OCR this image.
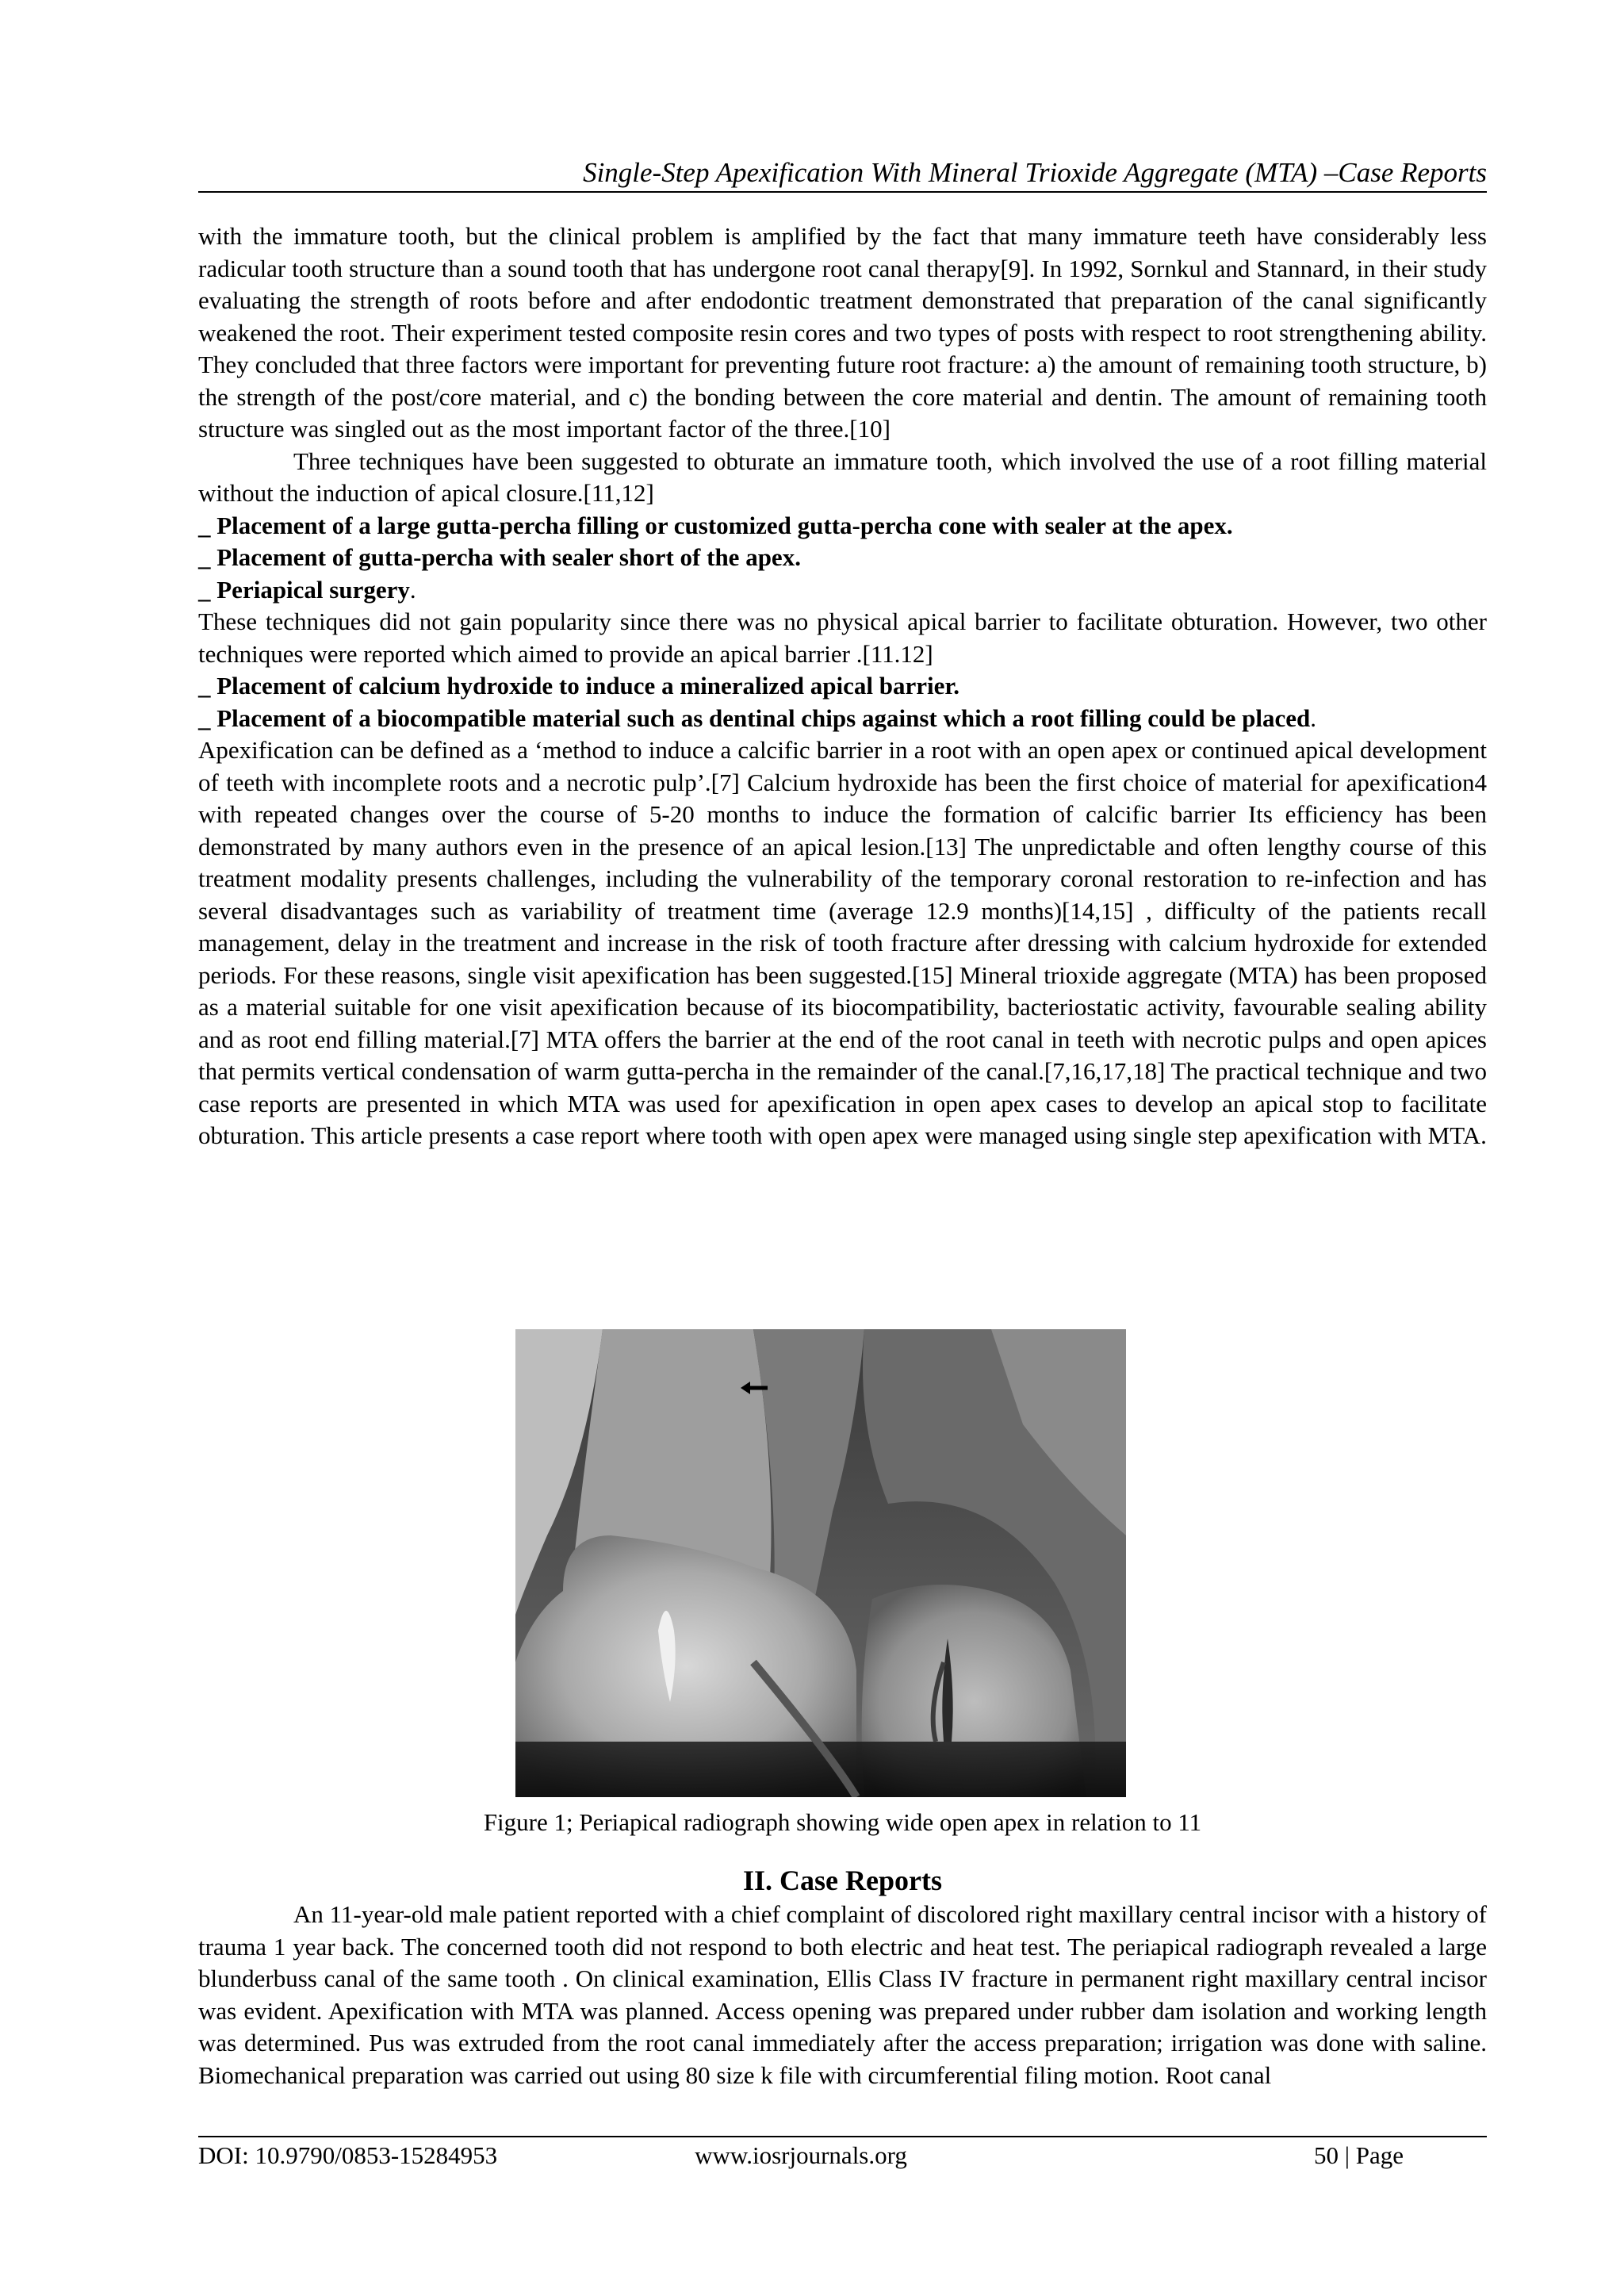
Single-Step Apexification With Mineral Trioxide Aggregate (MTA) –Case Reports

with the immature tooth, but the clinical problem is amplified by the fact that many immature teeth have considerably less radicular tooth structure than a sound tooth that has undergone root canal therapy[9]. In 1992, Sornkul and Stannard, in their study evaluating the strength of roots before and after endodontic treatment demonstrated that preparation of the canal significantly weakened the root. Their experiment tested composite resin cores and two types of posts with respect to root strengthening ability. They concluded that three factors were important for preventing future root fracture: a) the amount of remaining tooth structure, b) the strength of the post/core material, and c) the bonding between the core material and dentin. The amount of remaining tooth structure was singled out as the most important factor of the three.[10]

Three techniques have been suggested to obturate an immature tooth, which involved the use of a root filling material without the induction of apical closure.[11,12]

_ Placement of a large gutta-percha filling or customized gutta-percha cone with sealer at the apex.

_ Placement of gutta-percha with sealer short of the apex.

_ Periapical surgery.

These techniques did not gain popularity since there was no physical apical barrier to facilitate obturation. However, two other techniques were reported which aimed to provide an apical barrier .[11.12]

_ Placement of calcium hydroxide to induce a mineralized apical barrier.

_ Placement of a biocompatible material such as dentinal chips against which a root filling could be placed.

Apexification can be defined as a ‘method to induce a calcific barrier in a root with an open apex or continued apical development of teeth with incomplete roots and a necrotic pulp’.[7] Calcium hydroxide has been the first choice of material for apexification4 with repeated changes over the course of 5-20 months to induce the formation of calcific barrier Its efficiency has been demonstrated by many authors even in the presence of an apical lesion.[13] The unpredictable and often lengthy course of this treatment modality presents challenges, including the vulnerability of the temporary coronal restoration to re-infection and has several disadvantages such as variability of treatment time (average 12.9 months)[14,15] , difficulty of the patients recall management, delay in the treatment and increase in the risk of tooth fracture after dressing with calcium hydroxide for extended periods. For these reasons, single visit apexification has been suggested.[15] Mineral trioxide aggregate (MTA) has been proposed as a material suitable for one visit apexification because of its biocompatibility, bacteriostatic activity, favourable sealing ability and as root end filling material.[7] MTA offers the barrier at the end of the root canal in teeth with necrotic pulps and open apices that permits vertical condensation of warm gutta-percha in the remainder of the canal.[7,16,17,18] The practical technique and two case reports are presented in which MTA was used for apexification in open apex cases to develop an apical stop to facilitate obturation. This article presents a case report where tooth with open apex were managed using single step apexification with MTA.

Figure 1; Periapical radiograph showing wide open apex in relation to 11
II. Case Reports

An 11-year-old male patient reported with a chief complaint of discolored right maxillary central incisor with a history of trauma 1 year back. The concerned tooth did not respond to both electric and heat test. The periapical radiograph revealed a large blunderbuss canal of the same tooth . On clinical examination, Ellis Class IV fracture in permanent right maxillary central incisor was evident. Apexification with MTA was planned. Access opening was prepared under rubber dam isolation and working length was determined. Pus was extruded from the root canal immediately after the access preparation; irrigation was done with saline. Biomechanical preparation was carried out using 80 size k file with circumferential filing motion. Root canal

DOI: 10.9790/0853-15284953	www.iosrjournals.org	50 | Page
